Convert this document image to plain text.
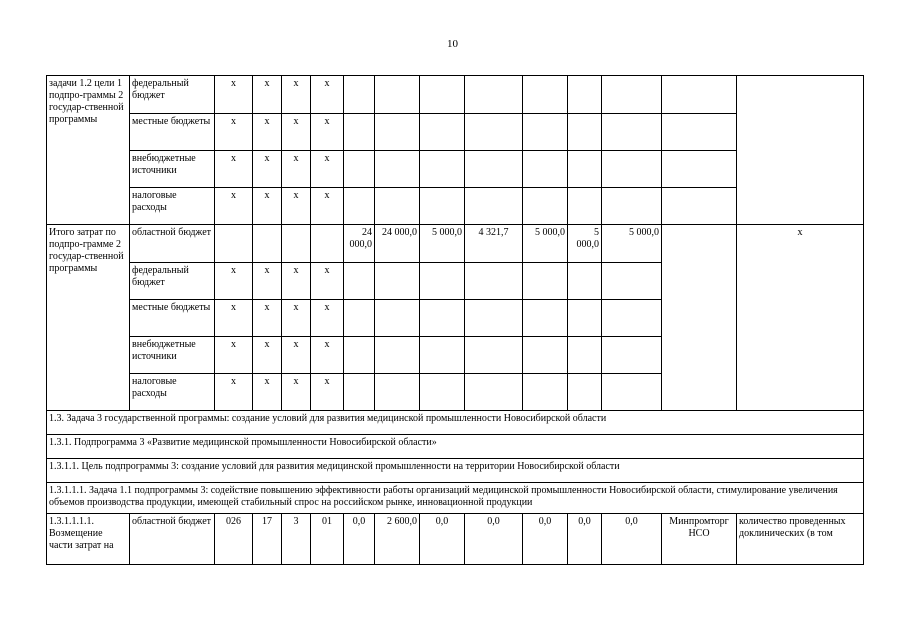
10
задачи 1.2 цели 1 подпро-граммы 2 государ-ственной программы	федеральный бюджет	x	x	x	x									
	местные бюджеты	x	x	x	x									
	внебюджетные источники	x	x	x	x									
	налоговые расходы	x	x	x	x									
Итого затрат по подпро-грамме 2 государ-ственной программы	областной бюджет					24 000,0	24 000,0	5 000,0	4 321,7	5 000,0	5 000,0	5 000,0		x
	федеральный бюджет	x	x	x	x									
	местные бюджеты	x	x	x	x									
	внебюджетные источники	x	x	x	x									
	налоговые расходы	x	x	x	x									
1.3. Задача 3 государственной программы: создание условий для развития медицинской промышленности Новосибирской области														
1.3.1. Подпрограмма 3 «Развитие медицинской промышленности Новосибирской области»														
1.3.1.1. Цель подпрограммы 3: создание условий для развития медицинской промышленности на территории Новосибирской области														
1.3.1.1.1. Задача 1.1 подпрограммы 3: содействие повышению эффективности работы организаций медицинской промышленности Новосибирской области, стимулирование увеличения объемов производства продукции, имеющей стабильный спрос на российском рынке, инновационной продукции														
1.3.1.1.1.1. Возмещение части затрат на	областной бюджет	026	17	3	01	0,0	2 600,0	0,0	0,0	0,0	0,0	0,0	Минпромторг НСО	количество проведенных доклинических (в том
